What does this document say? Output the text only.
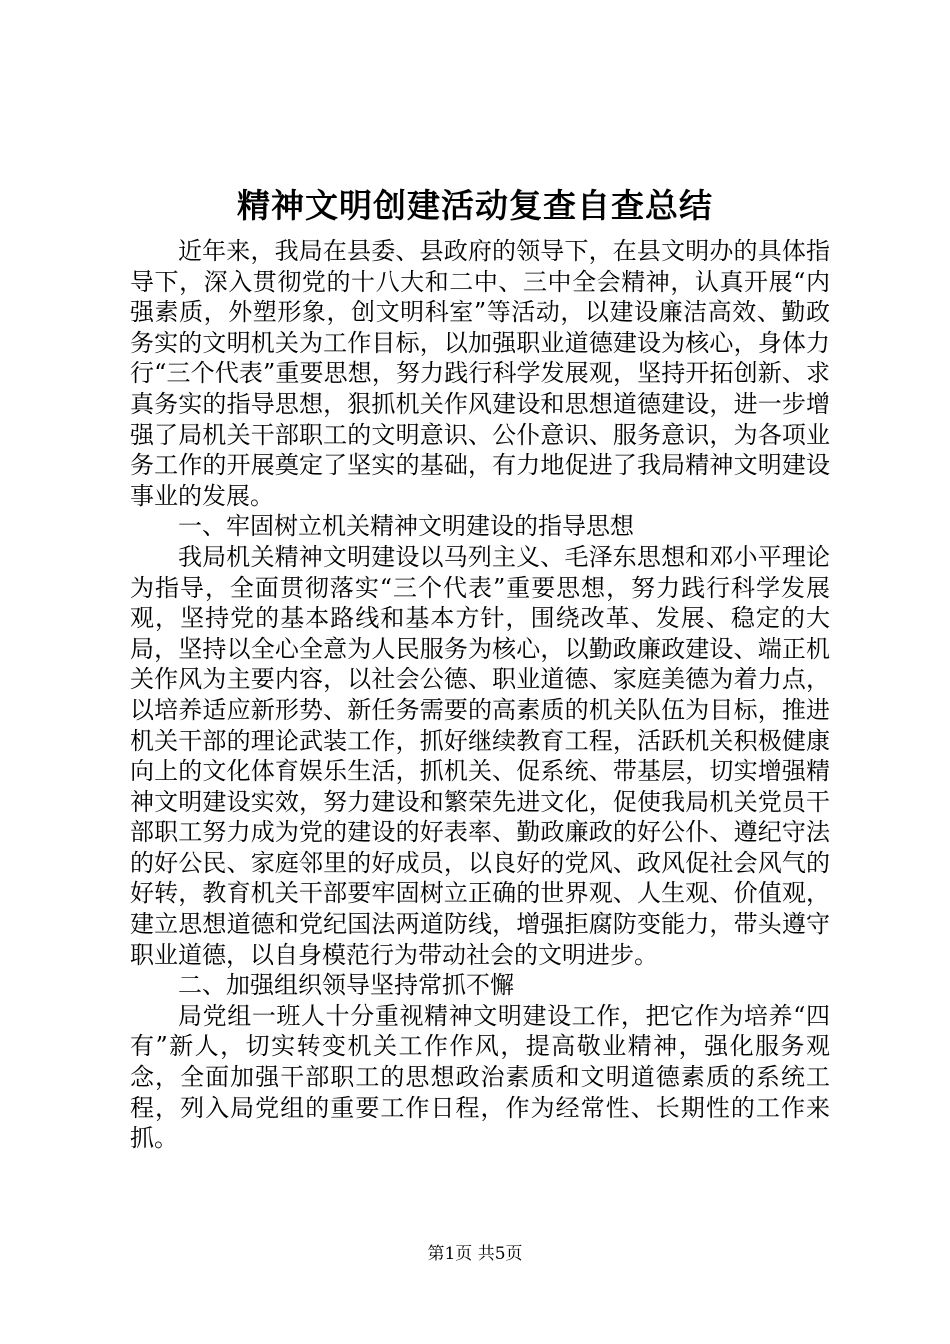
精神文明创建活动复查自查总结

近年来，我局在县委、县政府的领导下，在县文明办的具体指导下，深入贯彻党的十八大和二中、三中全会精神，认真开展“内强素质，外塑形象，创文明科室”等活动，以建设廉洁高效、勤政务实的文明机关为工作目标，以加强职业道德建设为核心，身体力行“三个代表”重要思想，努力践行科学发展观，坚持开拓创新、求真务实的指导思想，狠抓机关作风建设和思想道德建设，进一步增强了局机关干部职工的文明意识、公仆意识、服务意识，为各项业务工作的开展奠定了坚实的基础，有力地促进了我局精神文明建设事业的发展。

一、牢固树立机关精神文明建设的指导思想

我局机关精神文明建设以马列主义、毛泽东思想和邓小平理论为指导，全面贯彻落实“三个代表”重要思想，努力践行科学发展观，坚持党的基本路线和基本方针，围绕改革、发展、稳定的大局，坚持以全心全意为人民服务为核心，以勤政廉政建设、端正机关作风为主要内容，以社会公德、职业道德、家庭美德为着力点，以培养适应新形势、新任务需要的高素质的机关队伍为目标，推进机关干部的理论武装工作，抓好继续教育工程，活跃机关积极健康向上的文化体育娱乐生活，抓机关、促系统、带基层，切实增强精神文明建设实效，努力建设和繁荣先进文化，促使我局机关党员干部职工努力成为党的建设的好表率、勤政廉政的好公仆、遵纪守法的好公民、家庭邻里的好成员，以良好的党风、政风促社会风气的好转，教育机关干部要牢固树立正确的世界观、人生观、价值观，建立思想道德和党纪国法两道防线，增强拒腐防变能力，带头遵守职业道德，以自身模范行为带动社会的文明进步。

二、加强组织领导坚持常抓不懈

局党组一班人十分重视精神文明建设工作，把它作为培养“四有”新人，切实转变机关工作作风，提高敬业精神，强化服务观念，全面加强干部职工的思想政治素质和文明道德素质的系统工程，列入局党组的重要工作日程，作为经常性、长期性的工作来抓。

第1页 共5页
